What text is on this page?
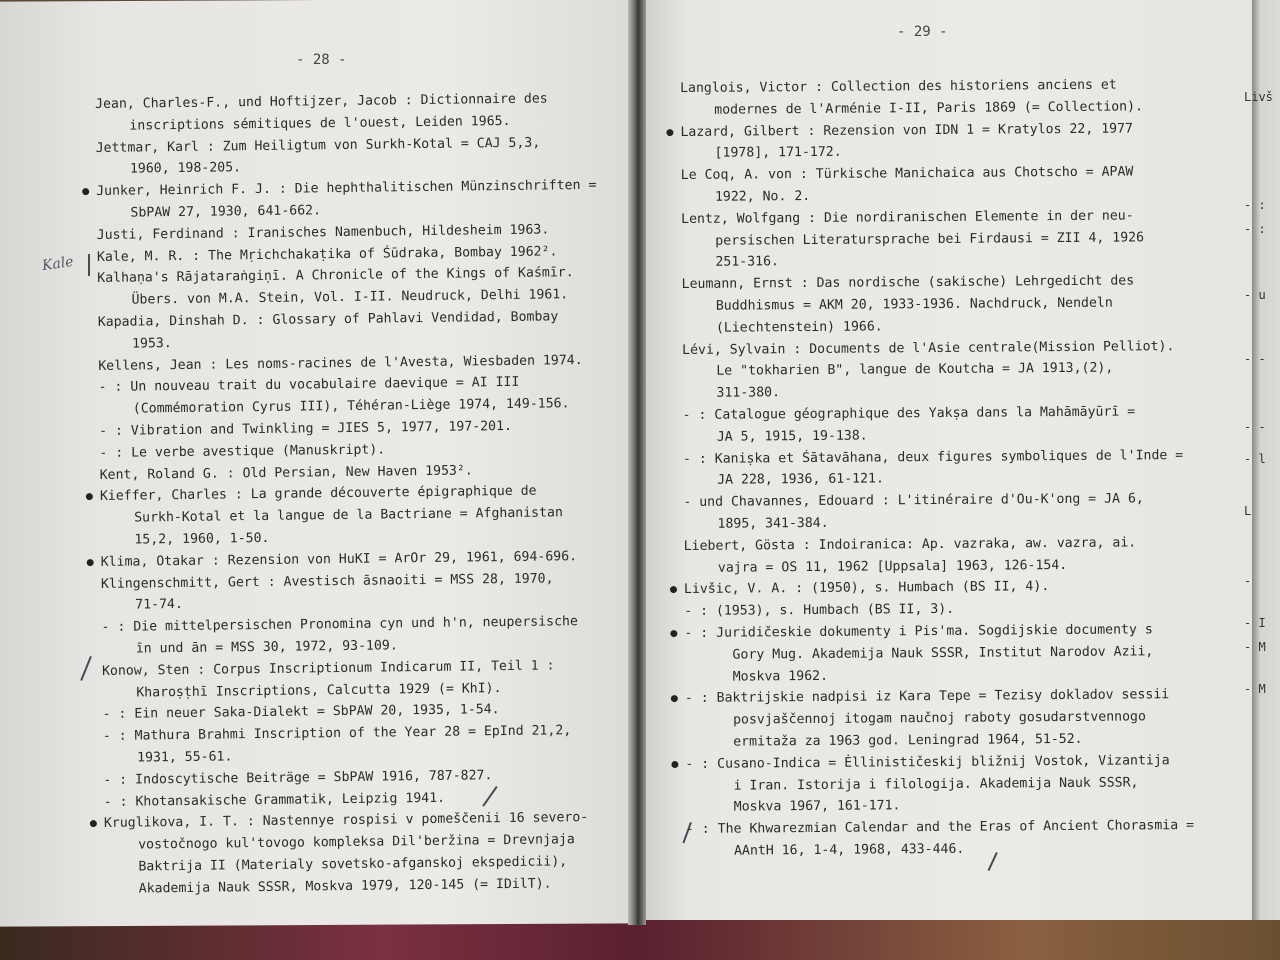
- 28 -
- 29 -
Kale
Jean, Charles-F., und Hoftijzer, Jacob : Dictionnaire des
inscriptions sémitiques de l'ouest, Leiden 1965.
Jettmar, Karl : Zum Heiligtum von Surkh-Kotal = CAJ 5,3,
1960, 198-205.
Junker, Heinrich F. J. : Die hephthalitischen Münzinschriften =
SbPAW 27, 1930, 641-662.
Justi, Ferdinand : Iranisches Namenbuch, Hildesheim 1963.
Kale, M. R. : The Mṛichchakaṭika of Śūdraka, Bombay 1962².
Kalhaṇa's Rājataraṅgiṇī. A Chronicle of the Kings of Kaśmīr.
Übers. von M.A. Stein, Vol. I-II. Neudruck, Delhi 1961.
Kapadia, Dinshah D. : Glossary of Pahlavi Vendidad, Bombay
1953.
Kellens, Jean : Les noms-racines de l'Avesta, Wiesbaden 1974.
- : Un nouveau trait du vocabulaire daevique = AI III
(Commémoration Cyrus III), Téhéran-Liège 1974, 149-156.
- : Vibration and Twinkling = JIES 5, 1977, 197-201.
- : Le verbe avestique (Manuskript).
Kent, Roland G. : Old Persian, New Haven 1953².
Kieffer, Charles : La grande découverte épigraphique de
Surkh-Kotal et la langue de la Bactriane = Afghanistan
15,2, 1960, 1-50.
Klima, Otakar : Rezension von HuKI = ArOr 29, 1961, 694-696.
Klingenschmitt, Gert : Avestisch āsnaoiti = MSS 28, 1970,
71-74.
- : Die mittelpersischen Pronomina cyn und h'n, neupersische
īn und ān = MSS 30, 1972, 93-109.
Konow, Sten : Corpus Inscriptionum Indicarum II, Teil 1 :
Kharoṣṭhī Inscriptions, Calcutta 1929 (= KhI).
- : Ein neuer Saka-Dialekt = SbPAW 20, 1935, 1-54.
- : Mathura Brahmi Inscription of the Year 28 = EpInd 21,2,
1931, 55-61.
- : Indoscytische Beiträge = SbPAW 1916, 787-827.
- : Khotansakische Grammatik, Leipzig 1941.
Kruglikova, I. T. : Nastennye rospisi v pomeščenii 16 severo-
vostočnogo kul'tovogo kompleksa Dil'beržina = Drevnjaja
Baktrija II (Materialy sovetsko-afganskoj ekspedicii),
Akademija Nauk SSSR, Moskva 1979, 120-145 (= IDilT).
Langlois, Victor : Collection des historiens anciens et
modernes de l'Arménie I-II, Paris 1869 (= Collection).
Lazard, Gilbert : Rezension von IDN 1 = Kratylos 22, 1977
[1978], 171-172.
Le Coq, A. von : Türkische Manichaica aus Chotscho = APAW
1922, No. 2.
Lentz, Wolfgang : Die nordiranischen Elemente in der neu-
persischen Literatursprache bei Firdausi = ZII 4, 1926
251-316.
Leumann, Ernst : Das nordische (sakische) Lehrgedicht des
Buddhismus = AKM 20, 1933-1936. Nachdruck, Nendeln
(Liechtenstein) 1966.
Lévi, Sylvain : Documents de l'Asie centrale(Mission Pelliot).
Le "tokharien B", langue de Koutcha = JA 1913,(2),
311-380.
- : Catalogue géographique des Yakṣa dans la Mahāmāyūrī =
JA 5, 1915, 19-138.
- : Kaniṣka et Śātavāhana, deux figures symboliques de l'Inde =
JA 228, 1936, 61-121.
- und Chavannes, Edouard : L'itinéraire d'Ou-K'ong = JA 6,
1895, 341-384.
Liebert, Gösta : Indoiranica: Ap. vazraka, aw. vazra, ai.
vajra = OS 11, 1962 [Uppsala] 1963, 126-154.
Livšic, V. A. : (1950), s. Humbach (BS II, 4).
- : (1953), s. Humbach (BS II, 3).
- : Juridičeskie dokumenty i Pis'ma. Sogdijskie documenty s
Gory Mug. Akademija Nauk SSSR, Institut Narodov Azii,
Moskva 1962.
- : Baktrijskie nadpisi iz Kara Tepe = Tezisy dokladov sessii
posvjaščennoj itogam naučnoj raboty gosudarstvennogo
ermitaža za 1963 god. Leningrad 1964, 51-52.
- : Cusano-Indica = Ėllinističeskij bližnij Vostok, Vizantija
i Iran. Istorija i filologija. Akademija Nauk SSSR,
Moskva 1967, 161-171.
- : The Khwarezmian Calendar and the Eras of Ancient Chorasmia =
AAntH 16, 1-4, 1968, 433-446.
Livš
- :
- :
- u
- -
- -
- l
L
-
- I
- M
- M
